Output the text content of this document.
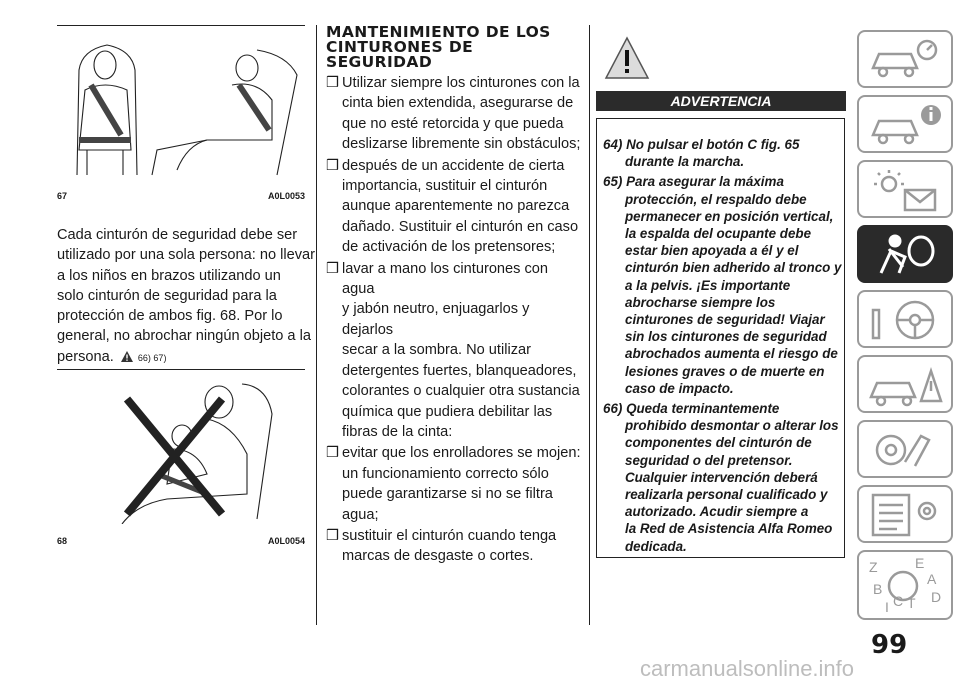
67	A0L0053
Cada cinturón de seguridad debe ser
utilizado por una sola persona: no llevar
a los niños en brazos utilizando un
solo cinturón de seguridad para la
protección de ambos fig. 68. Por lo
general, no abrochar ningún objeto a la
persona.	66) 67)
68	A0L0054
MANTENIMIENTO DE LOS
CINTURONES DE
SEGURIDAD
❒ Utilizar siempre los cinturones con la
cinta bien extendida, asegurarse de
que no esté retorcida y que pueda
deslizarse libremente sin obstáculos;
❒ después de un accidente de cierta
importancia, sustituir el cinturón
aunque aparentemente no parezca
dañado. Sustituir el cinturón en caso
de activación de los pretensores;
❒ lavar a mano los cinturones con agua
y jabón neutro, enjuagarlos y dejarlos
secar a la sombra. No utilizar
detergentes fuertes, blanqueadores,
colorantes o cualquier otra sustancia
química que pudiera debilitar las
fibras de la cinta:
❒ evitar que los enrolladores se mojen:
un funcionamiento correcto sólo
puede garantizarse si no se filtra
agua;
❒ sustituir el cinturón cuando tenga
marcas de desgaste o cortes.
ADVERTENCIA

64) No pulsar el botón C fig. 65
durante la marcha.

65) Para asegurar la máxima
protección, el respaldo debe
permanecer en posición vertical,
la espalda del ocupante debe
estar bien apoyada a él y el
cinturón bien adherido al tronco y
a la pelvis. ¡Es importante
abrocharse siempre los
cinturones de seguridad! Viajar
sin los cinturones de seguridad
abrochados aumenta el riesgo de
lesiones graves o de muerte en
caso de impacto.

66) Queda terminantemente
prohibido desmontar o alterar los
componentes del cinturón de
seguridad o del pretensor.
Cualquier intervención deberá
realizarla personal cualificado y
autorizado. Acudir siempre a
la Red de Asistencia Alfa Romeo
dedicada.

Z	E
A
B
C T D
I
99
carmanualsonline.info
